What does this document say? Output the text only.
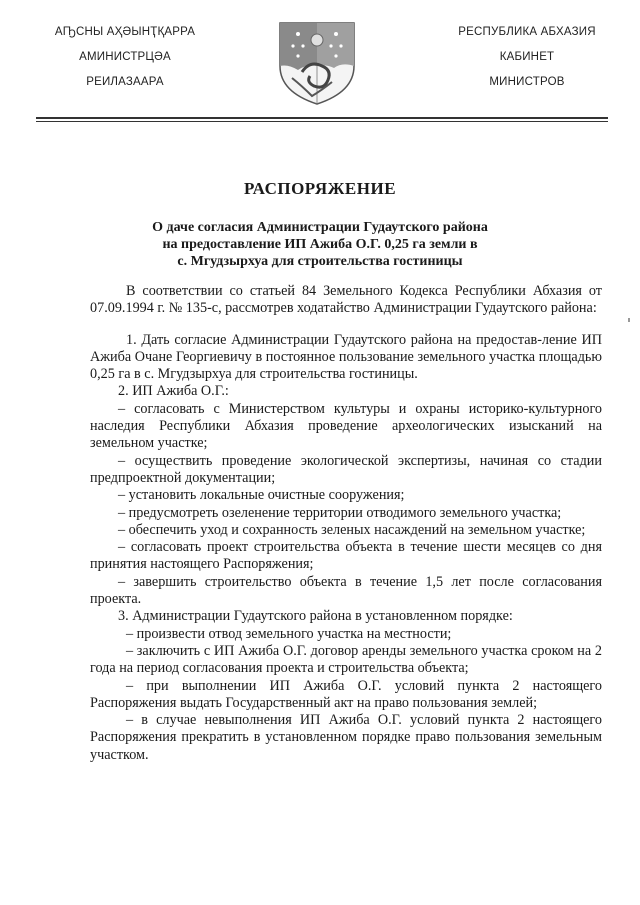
АҦСНЫ АҲӘЫНҬҚАРРА
АМИНИСТРЦӘА
РЕИЛАЗААРА
РЕСПУБЛИКА АБХАЗИЯ
КАБИНЕТ
МИНИСТРОВ
РАСПОРЯЖЕНИЕ
О даче согласия Администрации Гудаутского района
на предоставление ИП Ажиба О.Г. 0,25 га земли в
с. Мгудзырхуа для строительства гостиницы

В соответствии со статьей 84 Земельного Кодекса Республики Абхазия от 07.09.1994 г. № 135-с, рассмотрев ходатайство Администрации Гудаутского района:

1. Дать согласие Администрации Гудаутского района на предостав-ление ИП Ажиба Очане Георгиевичу в постоянное пользование земельного участка площадью 0,25 га в с. Мгудзырхуа для строительства гостиницы.

2. ИП Ажиба О.Г.:

– согласовать с Министерством культуры и охраны историко-культурного наследия Республики Абхазия проведение археологических изысканий на земельном участке;

– осуществить проведение экологической экспертизы, начиная со стадии предпроектной документации;

– установить локальные очистные сооружения;

– предусмотреть озеленение территории отводимого земельного участка;

– обеспечить уход и сохранность зеленых насаждений на земельном участке;

– согласовать проект строительства объекта в течение шести месяцев со дня принятия настоящего Распоряжения;

– завершить строительство объекта в течение 1,5 лет после согласования проекта.

3. Администрации Гудаутского района в установленном порядке:

– произвести отвод земельного участка на местности;

– заключить с ИП Ажиба О.Г. договор аренды земельного участка сроком на 2 года на период согласования проекта и строительства объекта;

– при выполнении ИП Ажиба О.Г. условий пункта 2 настоящего Распоряжения выдать Государственный акт на право пользования землей;

– в случае невыполнения ИП Ажиба О.Г. условий пункта 2 настоящего Распоряжения прекратить в установленном порядке право пользования земельным участком.
